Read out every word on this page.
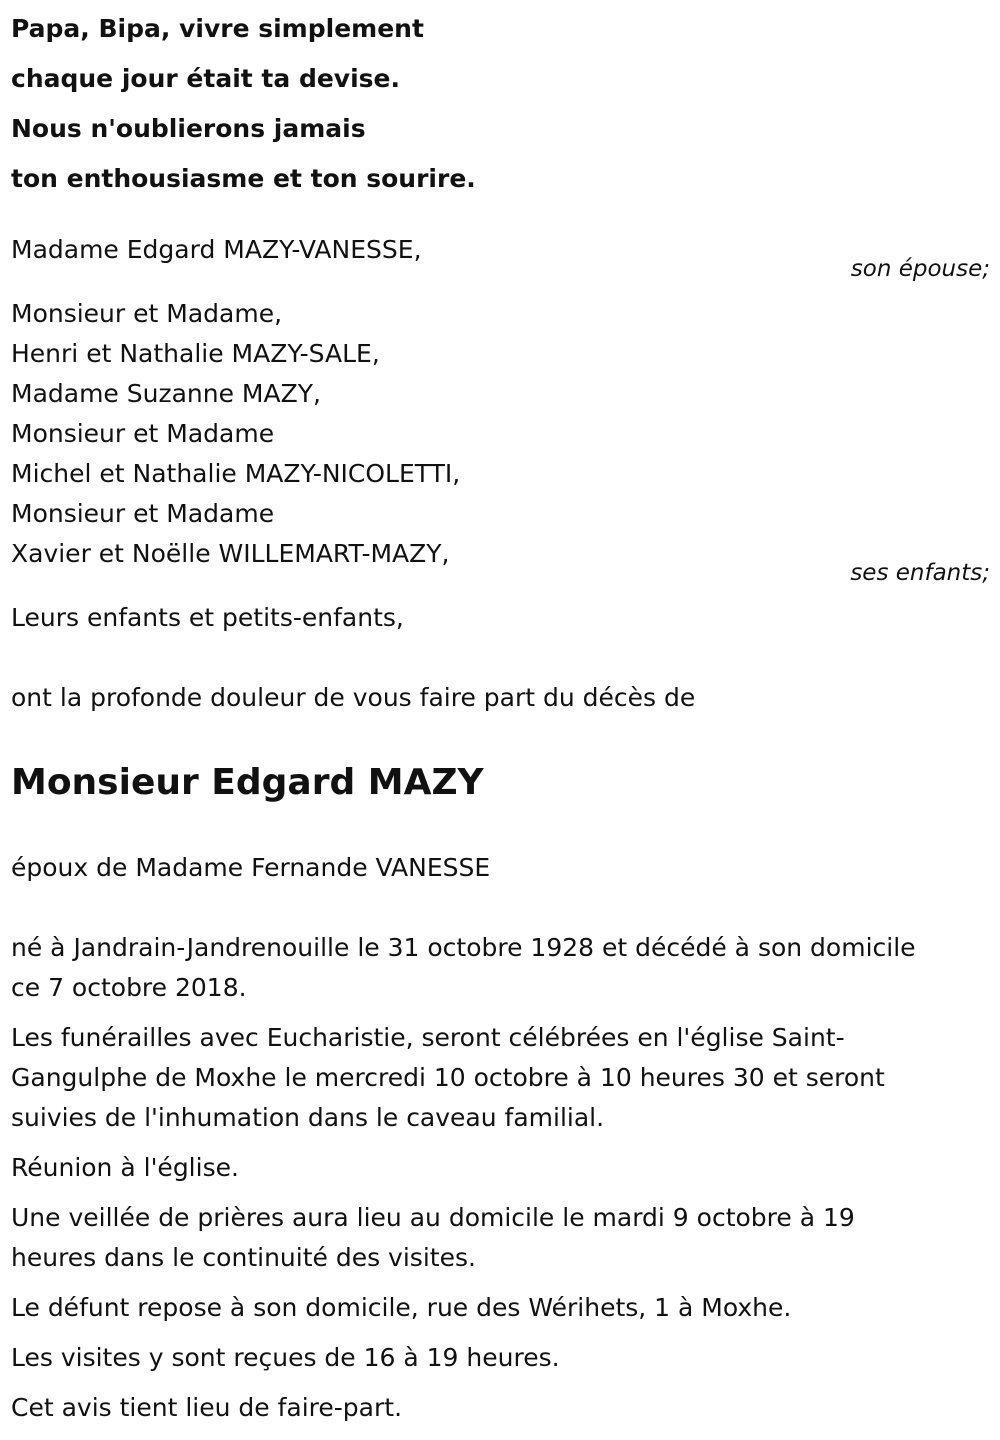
Papa, Bipa, vivre simplement
chaque jour était ta devise.
Nous n'oublierons jamais
ton enthousiasme et ton sourire.
Madame Edgard MAZY-VANESSE,
son épouse;
Monsieur et Madame,
Henri et Nathalie MAZY-SALE,
Madame Suzanne MAZY,
Monsieur et Madame
Michel et Nathalie MAZY-NICOLETTI,
Monsieur et Madame
Xavier et Noëlle WILLEMART-MAZY,
ses enfants;
Leurs enfants et petits-enfants,
ont la profonde douleur de vous faire part du décès de
Monsieur Edgard MAZY
époux de Madame Fernande VANESSE
né à Jandrain-Jandrenouille le 31 octobre 1928 et décédé à son domicile
ce 7 octobre 2018.
Les funérailles avec Eucharistie, seront célébrées en l'église Saint-
Gangulphe de Moxhe le mercredi 10 octobre à 10 heures 30 et seront
suivies de l'inhumation dans le caveau familial.
Réunion à l'église.
Une veillée de prières aura lieu au domicile le mardi 9 octobre à 19
heures dans le continuité des visites.
Le défunt repose à son domicile, rue des Wérihets, 1 à Moxhe.
Les visites y sont reçues de 16 à 19 heures.
Cet avis tient lieu de faire-part.
